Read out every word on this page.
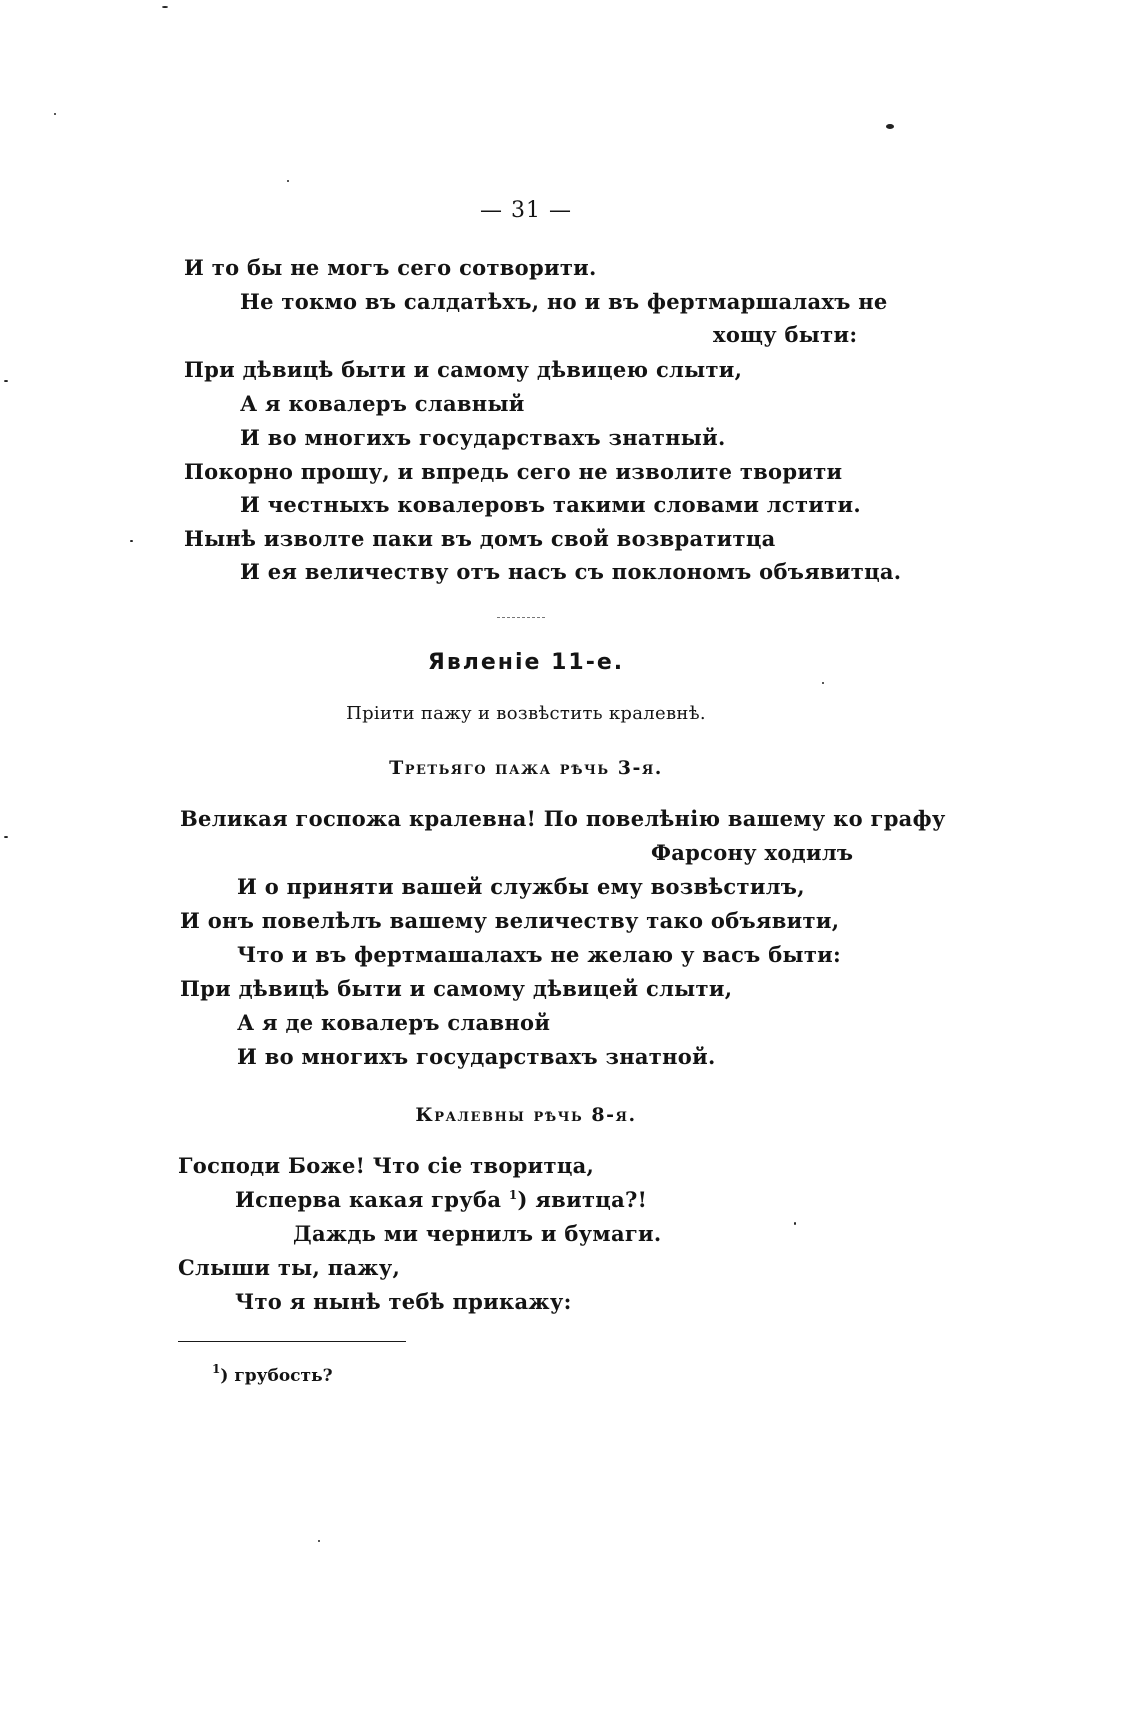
— 31 —
И то бы не могъ сего сотворити.
Не токмо въ салдатѣхъ, но и въ фертмаршалахъ не
хощу быти:
При дѣвицѣ быти и самому дѣвицею слыти,
А я ковалеръ славный
И во многихъ государствахъ знатный.
Покорно прошу, и впредь сего не изволите творити
И честныхъ ковалеровъ такими словами лстити.
Нынѣ изволте паки въ домъ свой возвратитца
И ея величеству отъ насъ съ поклономъ объявитца.
Явленіе 11-е.
Пріити пажу и возвѣстить кралевнѣ.
Третьяго пажа рѣчь 3-я.
Великая госпожа кралевна! По повелѣнію вашему ко графу
Фарсону ходилъ
И о приняти вашей службы ему возвѣстилъ,
И онъ повелѣлъ вашему величеству тако объявити,
Что и въ фертмашалахъ не желаю у васъ быти:
При дѣвицѣ быти и самому дѣвицей слыти,
А я де ковалеръ славной
И во многихъ государствахъ знатной.
Кралевны рѣчь 8-я.
Господи Боже! Что сіе творитца,
Исперва какая груба $^1$) явитца?!
Даждь ми чернилъ и бумаги.
Слыши ты, пажу,
Что я нынѣ тебѣ прикажу:
$^1$) грубость?
